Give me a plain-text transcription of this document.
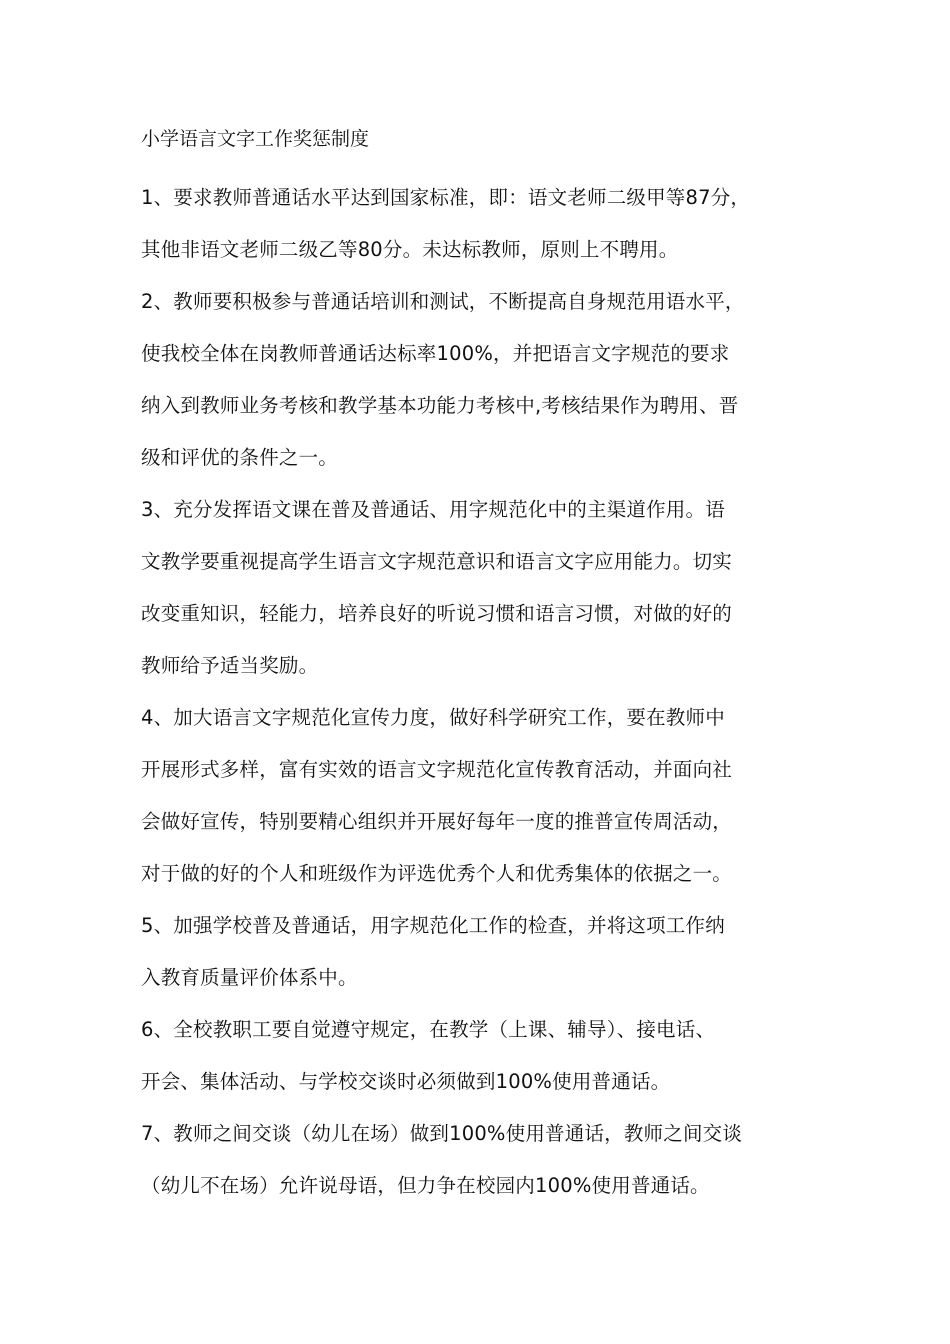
小学语言文字工作奖惩制度
1、要求教师普通话水平达到国家标准，即：语文老师二级甲等87分，
其他非语文老师二级乙等80分。未达标教师，原则上不聘用。
2、教师要积极参与普通话培训和测试，不断提高自身规范用语水平，
使我校全体在岗教师普通话达标率100%，并把语言文字规范的要求
纳入到教师业务考核和教学基本功能力考核中,考核结果作为聘用、晋
级和评优的条件之一。
3、充分发挥语文课在普及普通话、用字规范化中的主渠道作用。语
文教学要重视提高学生语言文字规范意识和语言文字应用能力。切实
改变重知识，轻能力，培养良好的听说习惯和语言习惯，对做的好的
教师给予适当奖励。
4、加大语言文字规范化宣传力度，做好科学研究工作，要在教师中
开展形式多样，富有实效的语言文字规范化宣传教育活动，并面向社
会做好宣传，特别要精心组织并开展好每年一度的推普宣传周活动，
对于做的好的个人和班级作为评选优秀个人和优秀集体的依据之一。
5、加强学校普及普通话，用字规范化工作的检查，并将这项工作纳
入教育质量评价体系中。
6、全校教职工要自觉遵守规定，在教学（上课、辅导）、接电话、
开会、集体活动、与学校交谈时必须做到100%使用普通话。
7、教师之间交谈（幼儿在场）做到100%使用普通话，教师之间交谈
（幼儿不在场）允许说母语，但力争在校园内100%使用普通话。
